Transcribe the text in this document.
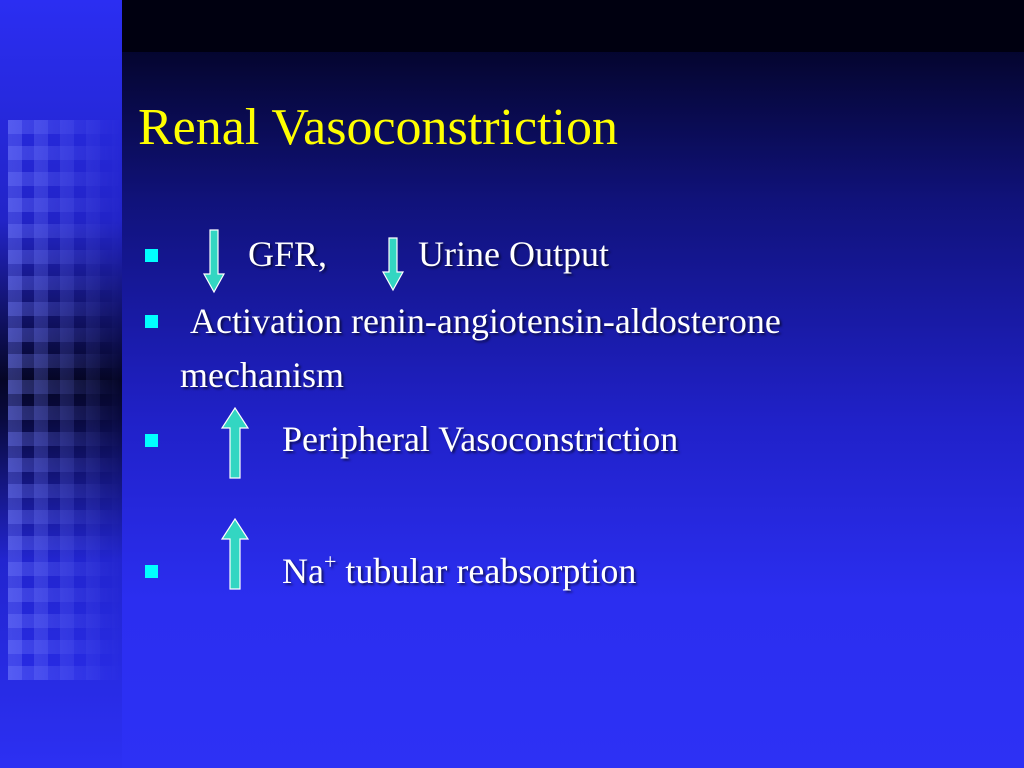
Renal Vasoconstriction
GFR,	Urine Output
Activation renin-angiotensin-aldosterone
mechanism
Peripheral Vasoconstriction
Na+ tubular reabsorption
